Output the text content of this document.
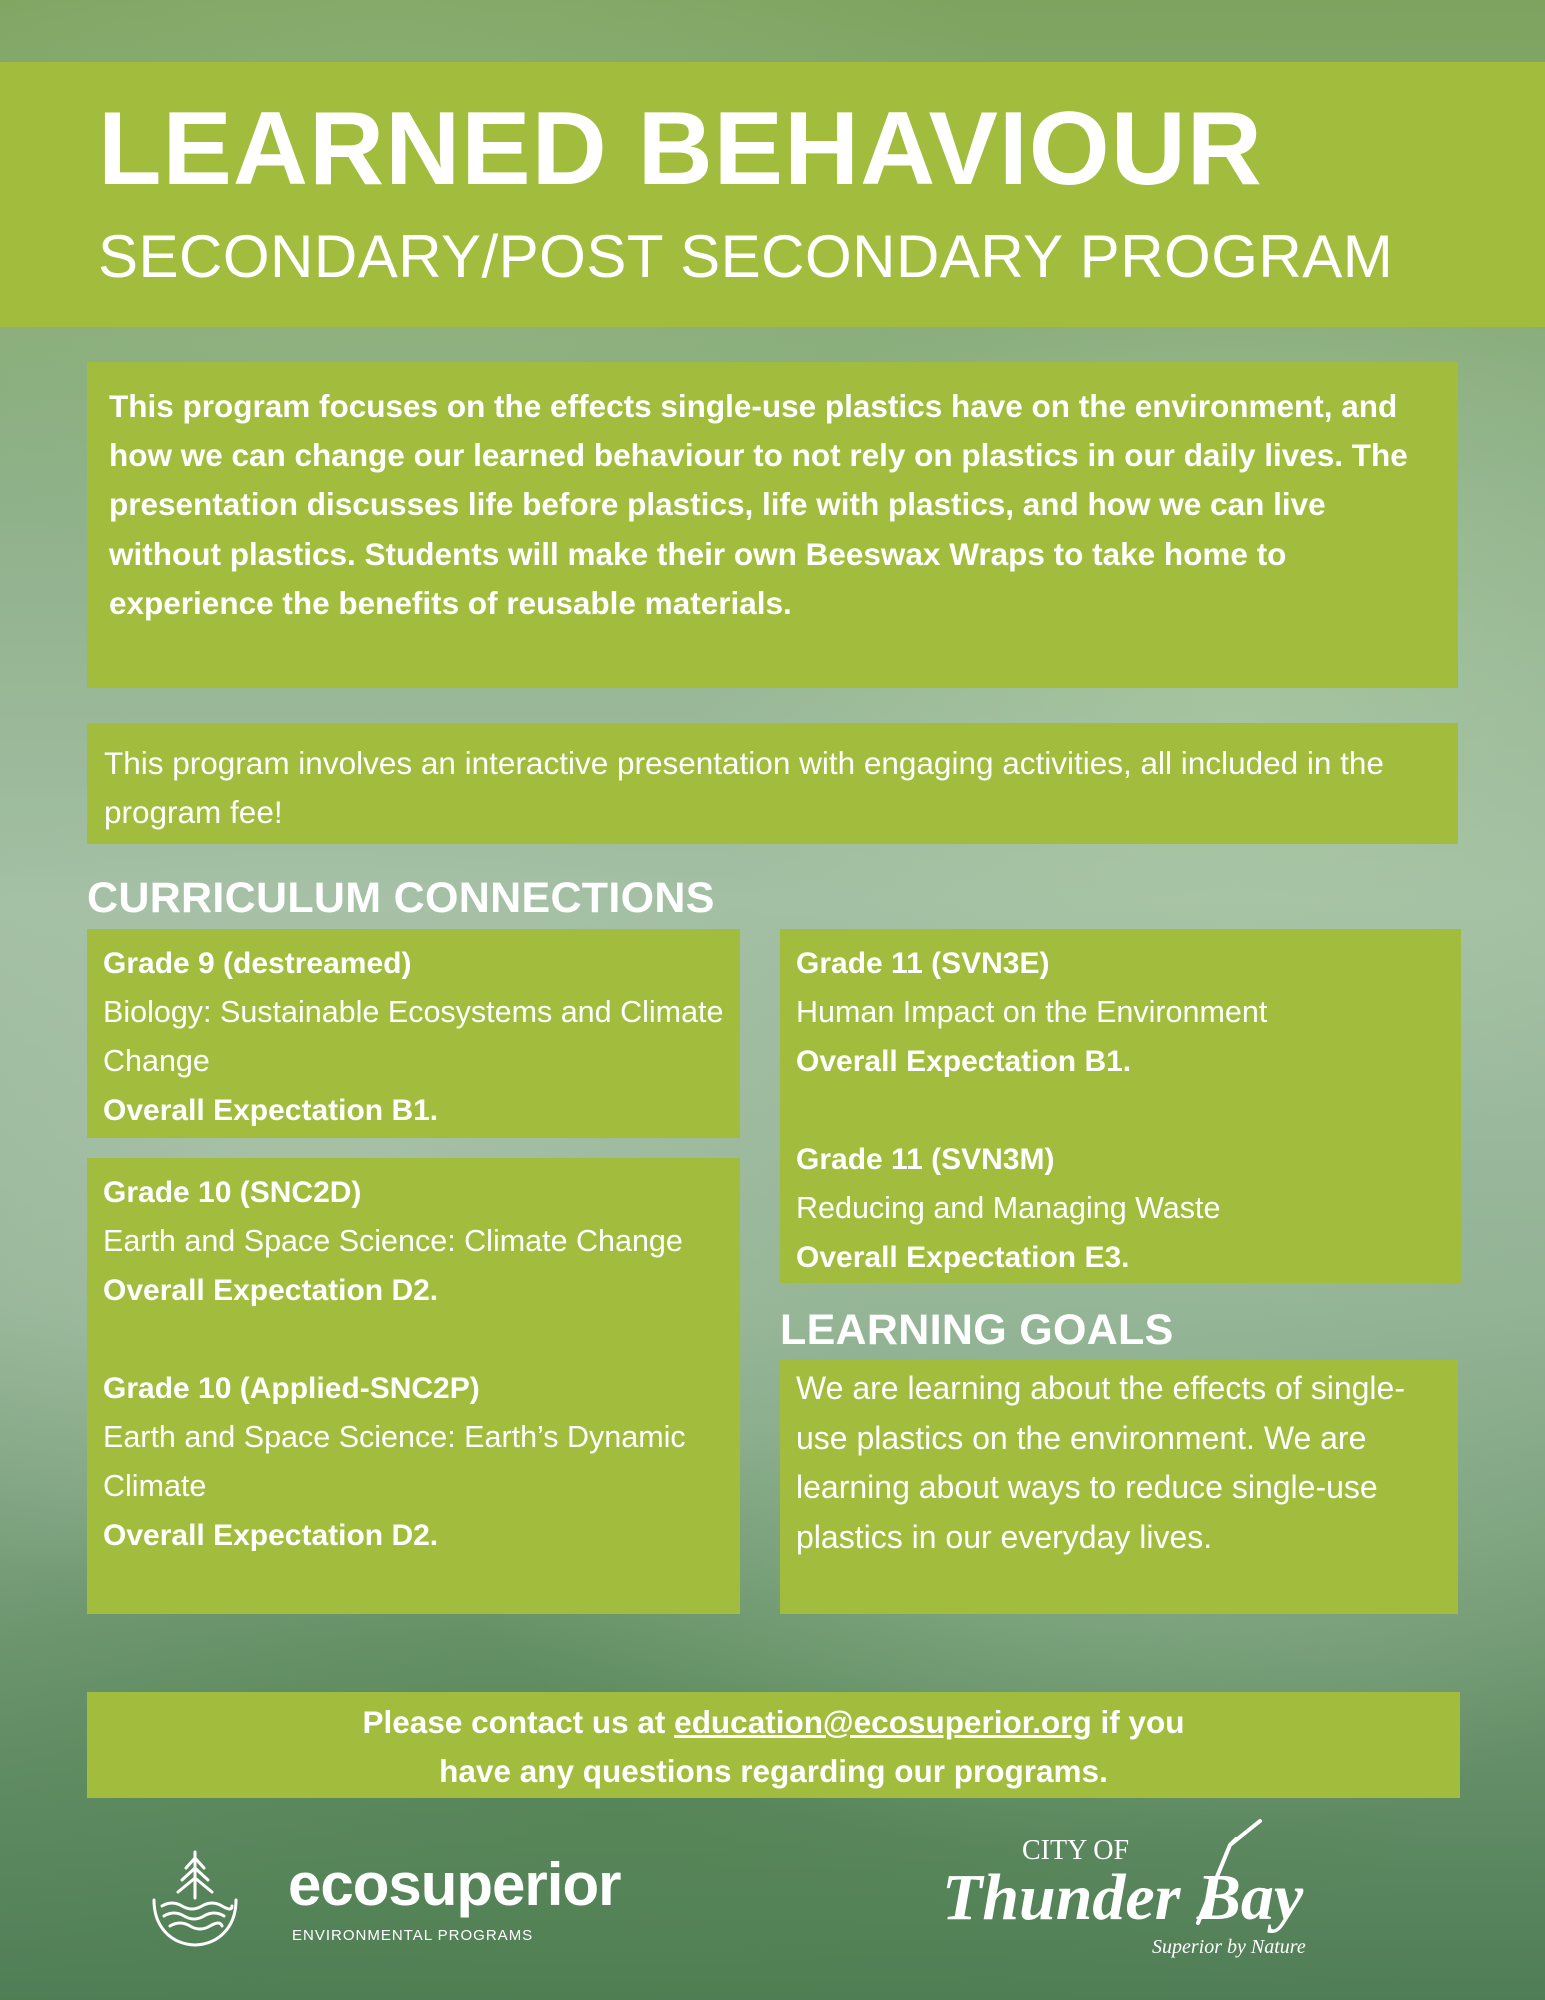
LEARNED BEHAVIOUR
SECONDARY/POST SECONDARY PROGRAM

This program focuses on the effects single-use plastics have on the environment, and how we can change our learned behaviour to not rely on plastics in our daily lives. The presentation discusses life before plastics, life with plastics, and how we can live without plastics. Students will make their own Beeswax Wraps to take home to experience the benefits of reusable materials.

This program involves an interactive presentation with engaging activities, all included in the program fee!

CURRICULUM CONNECTIONS
Grade 9 (destreamed)
Biology: Sustainable Ecosystems and Climate Change
Overall Expectation B1.
Grade 10 (SNC2D)
Earth and Space Science: Climate Change
Overall Expectation D2.
Grade 10 (Applied-SNC2P)
Earth and Space Science: Earth’s Dynamic Climate
Overall Expectation D2.
Grade 11 (SVN3E)
Human Impact on the Environment
Overall Expectation B1.
Grade 11 (SVN3M)
Reducing and Managing Waste
Overall Expectation E3.
LEARNING GOALS

We are learning about the effects of single-use plastics on the environment. We are learning about ways to reduce single-use plastics in our everyday lives.

Please contact us at education@ecosuperior.org if you

have any questions regarding our programs.

ecosuperior
ENVIRONMENTAL PROGRAMS
CITY OF
Thunder Bay
Superior by Nature
